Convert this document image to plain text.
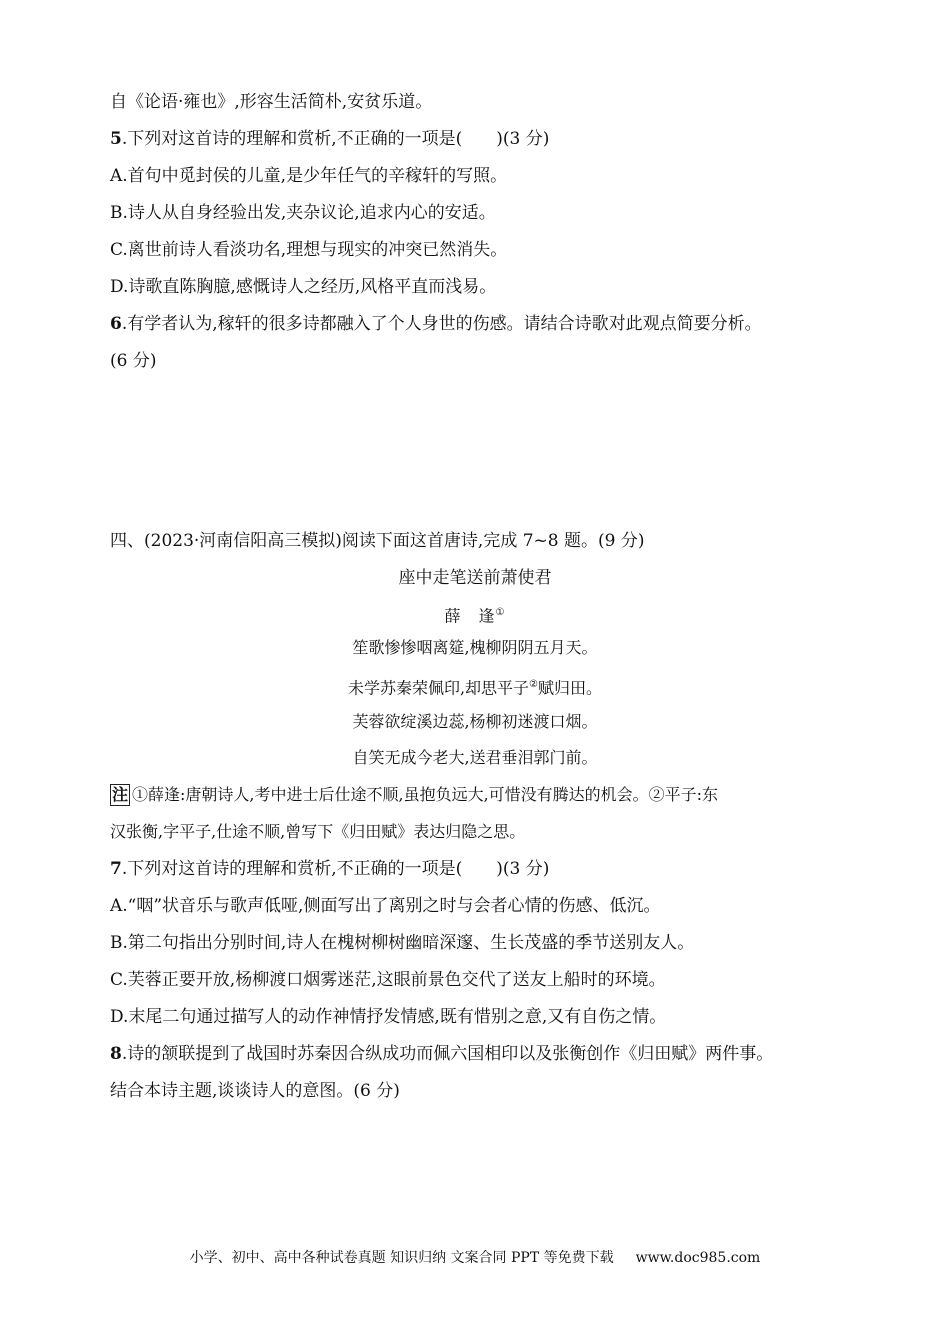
自《论语·雍也》,形容生活简朴,安贫乐道。
5.下列对这首诗的理解和赏析,不正确的一项是(　　)(3 分)
A.首句中觅封侯的儿童,是少年任气的辛稼轩的写照。
B.诗人从自身经验出发,夹杂议论,追求内心的安适。
C.离世前诗人看淡功名,理想与现实的冲突已然消失。
D.诗歌直陈胸臆,感慨诗人之经历,风格平直而浅易。
6.有学者认为,稼轩的很多诗都融入了个人身世的伤感。请结合诗歌对此观点简要分析。
(6 分)
四、(2023·河南信阳高三模拟)阅读下面这首唐诗,完成 7~8 题。(9 分)
座中走笔送前萧使君
薛　逢①
笙歌惨惨咽离筵,槐柳阴阴五月天。
未学苏秦荣佩印,却思平子②赋归田。
芙蓉欲绽溪边蕊,杨柳初迷渡口烟。
自笑无成今老大,送君垂泪郭门前。
注 ①薛逢:唐朝诗人,考中进士后仕途不顺,虽抱负远大,可惜没有腾达的机会。②平子:东
汉张衡,字平子,仕途不顺,曾写下《归田赋》表达归隐之思。
7.下列对这首诗的理解和赏析,不正确的一项是(　　)(3 分)
A.“咽”状音乐与歌声低哑,侧面写出了离别之时与会者心情的伤感、低沉。
B.第二句指出分别时间,诗人在槐树柳树幽暗深邃、生长茂盛的季节送别友人。
C.芙蓉正要开放,杨柳渡口烟雾迷茫,这眼前景色交代了送友上船时的环境。
D.末尾二句通过描写人的动作神情抒发情感,既有惜别之意,又有自伤之情。
8.诗的颔联提到了战国时苏秦因合纵成功而佩六国相印以及张衡创作《归田赋》两件事。
结合本诗主题,谈谈诗人的意图。(6 分)
小学、初中、高中各种试卷真题 知识归纳 文案合同 PPT 等免费下载 www.doc985.com
